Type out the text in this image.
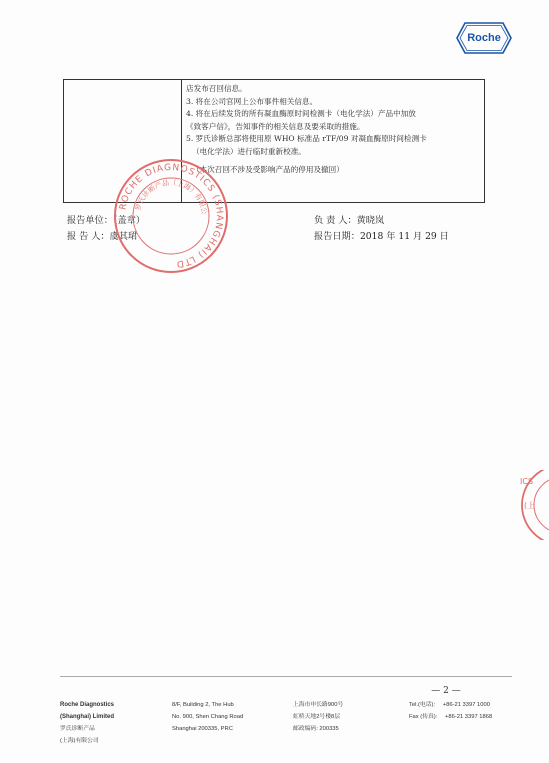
Roche

店发布召回信息。

3. 将在公司官网上公布事件相关信息。

4. 将在后续发货的所有凝血酶原时间检测卡（电化学法）产品中加放

《致客户信》，告知事件的相关信息及要采取的措施。

5. 罗氏诊断总部将使用原 WHO 标准品 rTF/09 对凝血酶原时间检测卡

（电化学法）进行临时重新校准。

（本次召回不涉及受影响产品的停用及撤回）

报告单位：（盖章）
报 告 人：虞其珺
负 责 人：黄晓岚
报告日期：2018 年 11 月 29 日
ROCHE DIAGNOSTICS (SHANGHAI) LTD
罗氏诊断产品（上海）有限公
ICS
(上
Roche Diagnostics
(Shanghai) Limited
罗氏诊断产品
(上海)有限公司
8/F, Building 2, The Hub
No. 900, Shen Chang Road
Shanghai 200335, PRC
上海市申长路900号
虹桥天地2号楼8层
邮政编码: 200335
— 2 —
Tel.(电话): +86-21 3397 1000
Fax (传真): +86-21 3397 1868
